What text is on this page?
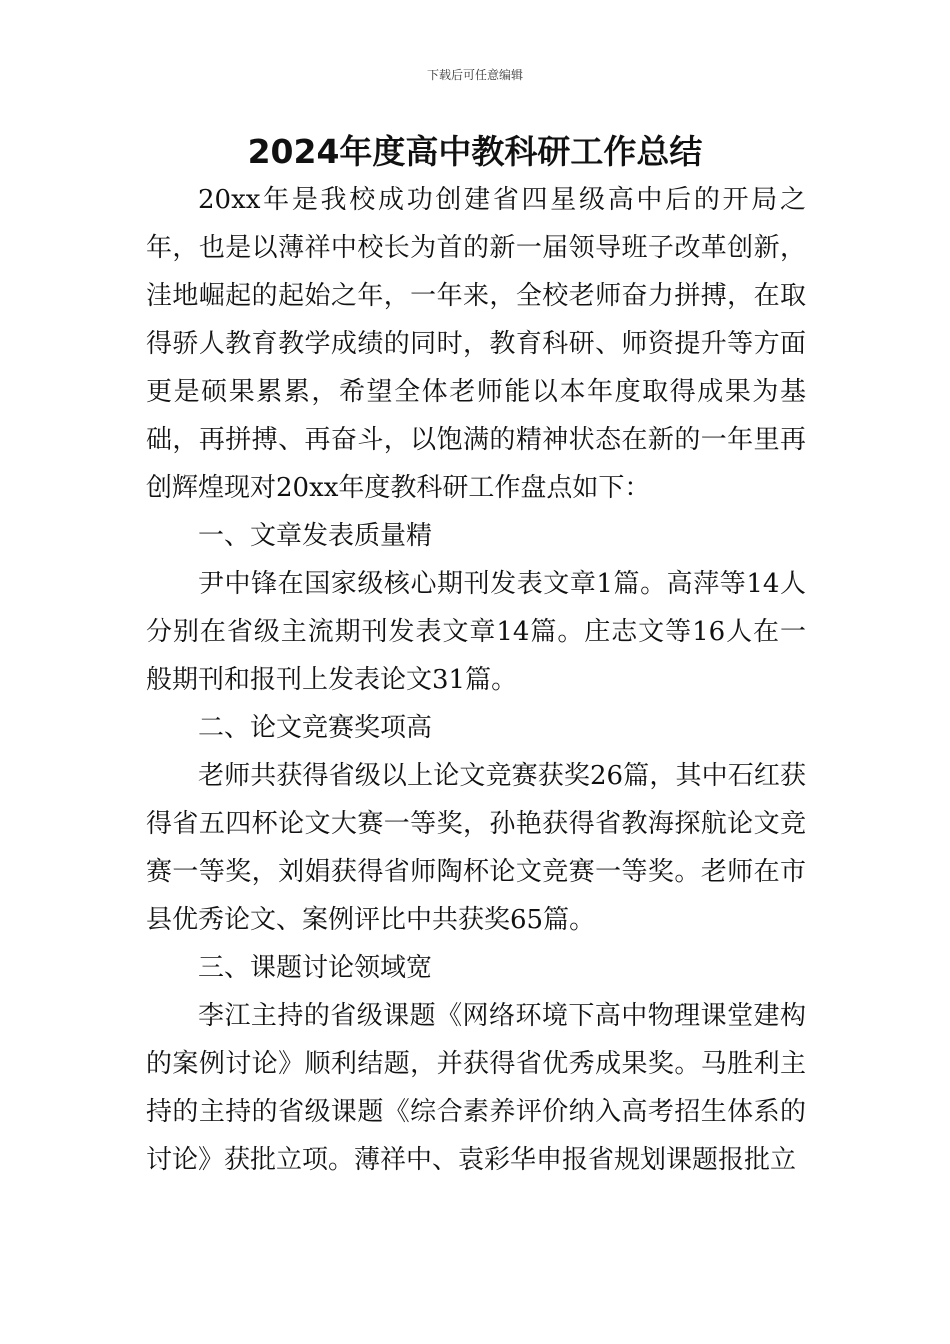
下载后可任意编辑
2024年度高中教科研工作总结

20xx年是我校成功创建省四星级高中后的开局之年，也是以薄祥中校长为首的新一届领导班子改革创新，洼地崛起的起始之年，一年来，全校老师奋力拼搏，在取得骄人教育教学成绩的同时，教育科研、师资提升等方面更是硕果累累，希望全体老师能以本年度取得成果为基础，再拼搏、再奋斗，以饱满的精神状态在新的一年里再创辉煌现对20xx年度教科研工作盘点如下：

一、文章发表质量精

尹中锋在国家级核心期刊发表文章1篇。高萍等14人分别在省级主流期刊发表文章14篇。庄志文等16人在一般期刊和报刊上发表论文31篇。

二、论文竞赛奖项高

老师共获得省级以上论文竞赛获奖26篇，其中石红获得省五四杯论文大赛一等奖，孙艳获得省教海探航论文竞赛一等奖，刘娟获得省师陶杯论文竞赛一等奖。老师在市县优秀论文、案例评比中共获奖65篇。

三、课题讨论领域宽

李江主持的省级课题《网络环境下高中物理课堂建构的案例讨论》顺利结题，并获得省优秀成果奖。马胜利主持的主持的省级课题《综合素养评价纳入高考招生体系的讨论》获批立项。薄祥中、袁彩华申报省规划课题报批立
